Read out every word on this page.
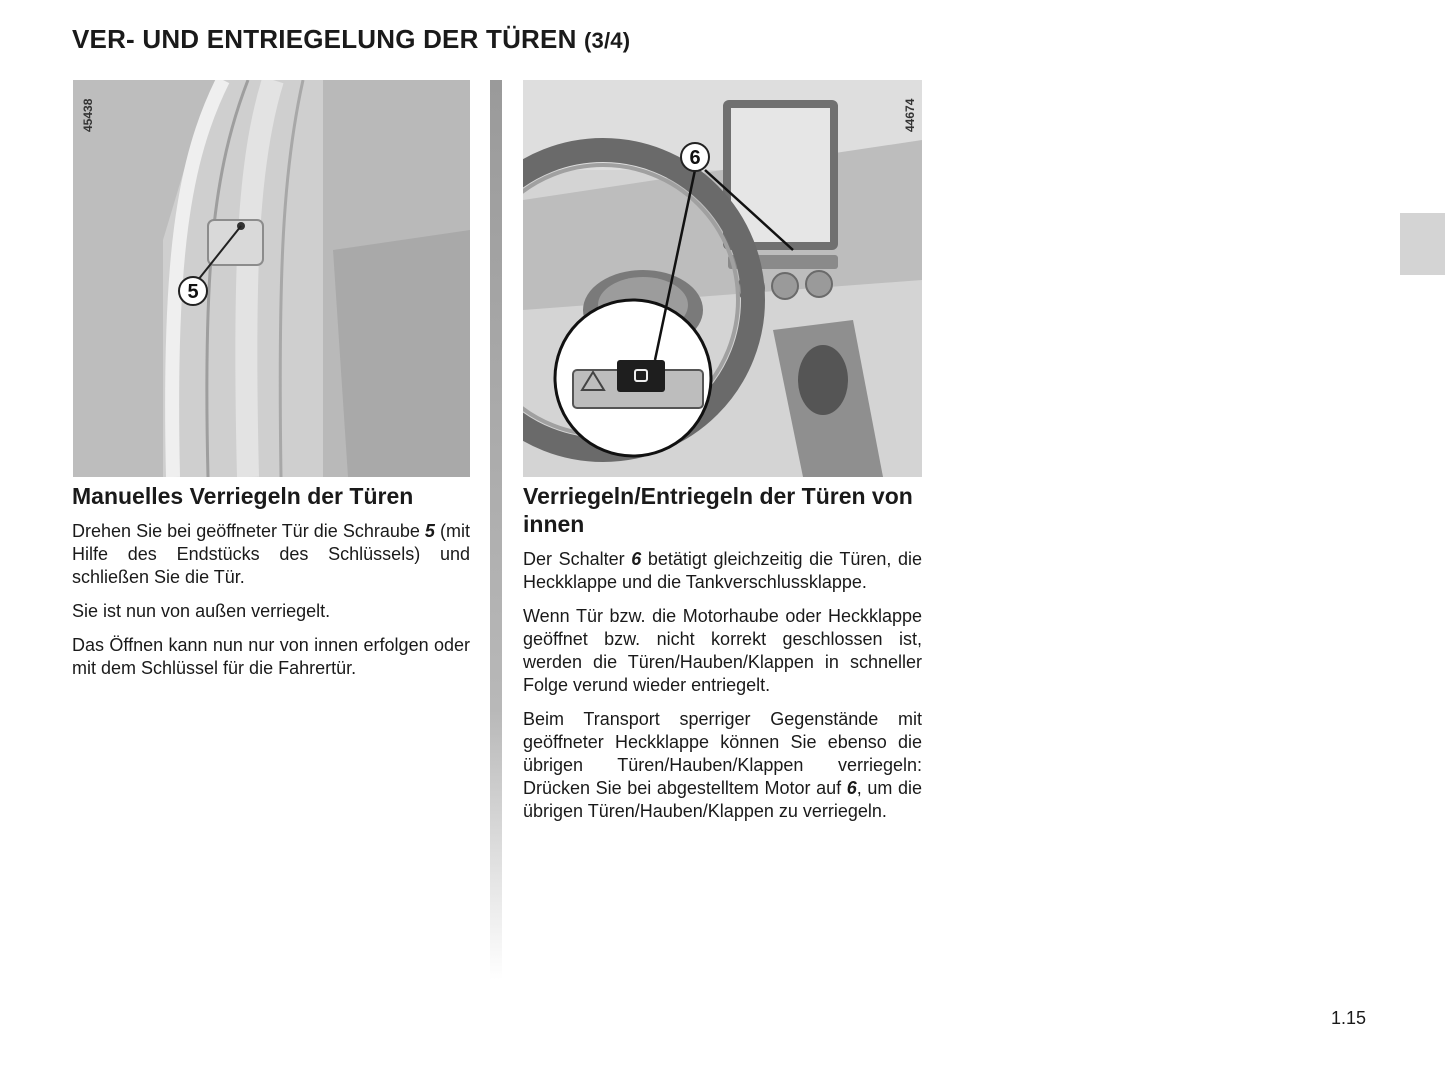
VER- UND ENTRIEGELUNG DER TÜREN (3/4)
5
45438
6
44674
Manuelles Verriegeln der Türen

Drehen Sie bei geöffneter Tür die Schraube 5 (mit Hilfe des Endstücks des Schlüssels) und schließen Sie die Tür.

Sie ist nun von außen verriegelt.

Das Öffnen kann nun nur von innen erfolgen oder mit dem Schlüssel für die Fahrertür.

Verriegeln/Entriegeln der Türen von innen

Der Schalter 6 betätigt gleichzeitig die Türen, die Heckklappe und die Tankverschlussklappe.

Wenn Tür bzw. die Motorhaube oder Heckklappe geöffnet bzw. nicht korrekt geschlossen ist, werden die Türen/Hauben/Klappen in schneller Folge verund wieder entriegelt.

Beim Transport sperriger Gegenstände mit geöffneter Heckklappe können Sie ebenso die übrigen Türen/Hauben/Klappen verriegeln: Drücken Sie bei abgestelltem Motor auf 6, um die übrigen Türen/Hauben/Klappen zu verriegeln.

1.15
